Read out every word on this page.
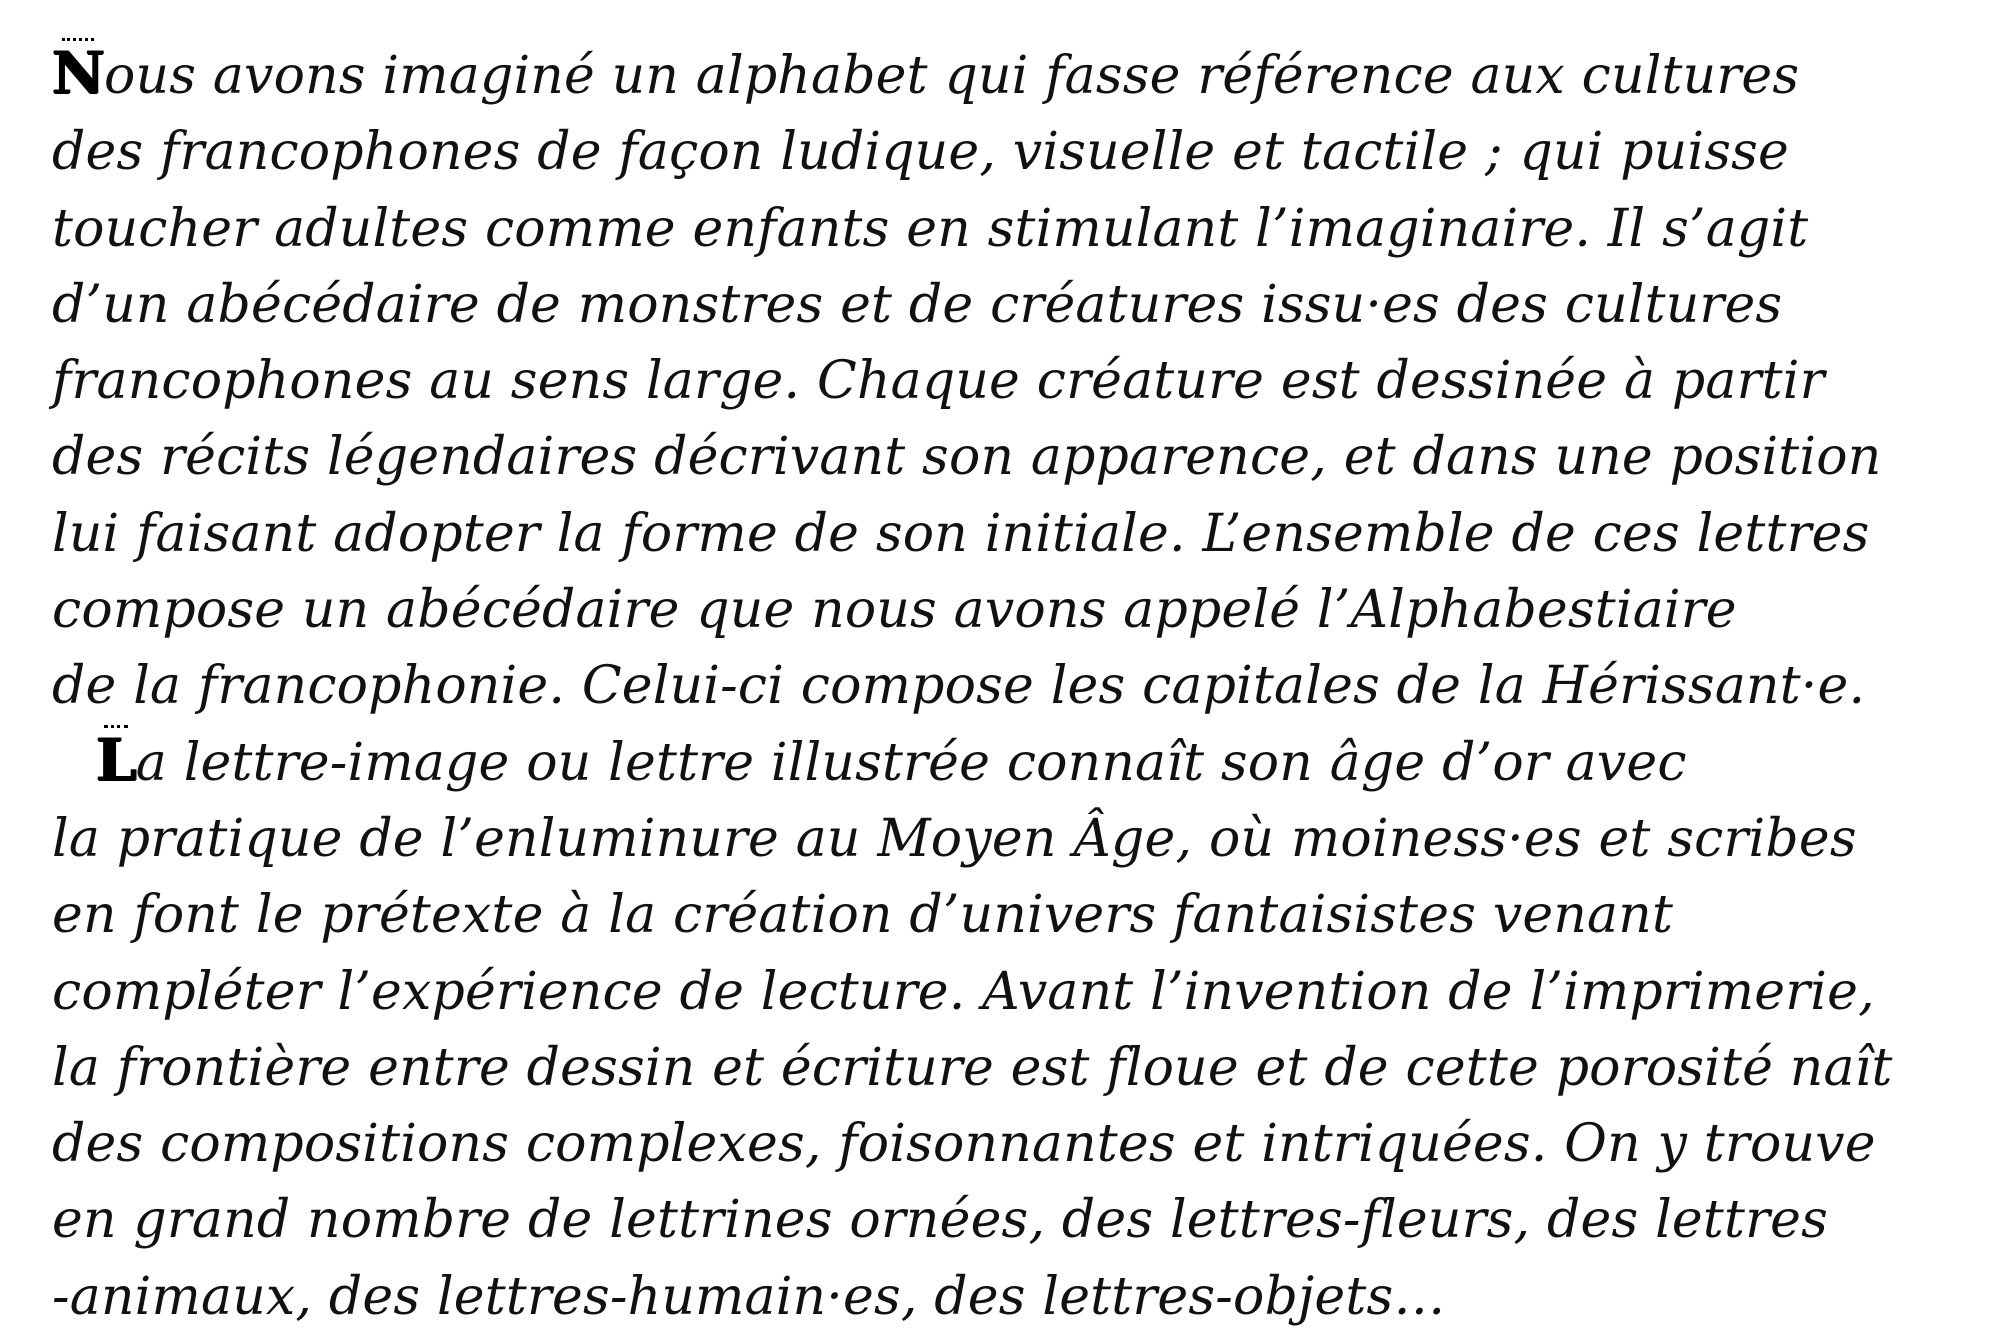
Nous avons imaginé un alphabet qui fasse référence aux cultures
des francophones de façon ludique, visuelle et tactile ; qui puisse
toucher adultes comme enfants en stimulant l’imaginaire. Il s’agit
d’un abécédaire de monstres et de créatures issu·es des cultures
francophones au sens large. Chaque créature est dessinée à partir
des récits légendaires décrivant son apparence, et dans une position
lui faisant adopter la forme de son initiale. L’ensemble de ces lettres
compose un abécédaire que nous avons appelé l’Alphabestiaire
de la francophonie. Celui-ci compose les capitales de la Hérissant·e.
La lettre-image ou lettre illustrée connaît son âge d’or avec
la pratique de l’enluminure au Moyen Âge, où moiness·es et scribes
en font le prétexte à la création d’univers fantaisistes venant
compléter l’expérience de lecture. Avant l’invention de l’imprimerie,
la frontière entre dessin et écriture est floue et de cette porosité naît
des compositions complexes, foisonnantes et intriquées. On y trouve
en grand nombre de lettrines ornées, des lettres-fleurs, des lettres
-animaux, des lettres-humain·es, des lettres-objets…
